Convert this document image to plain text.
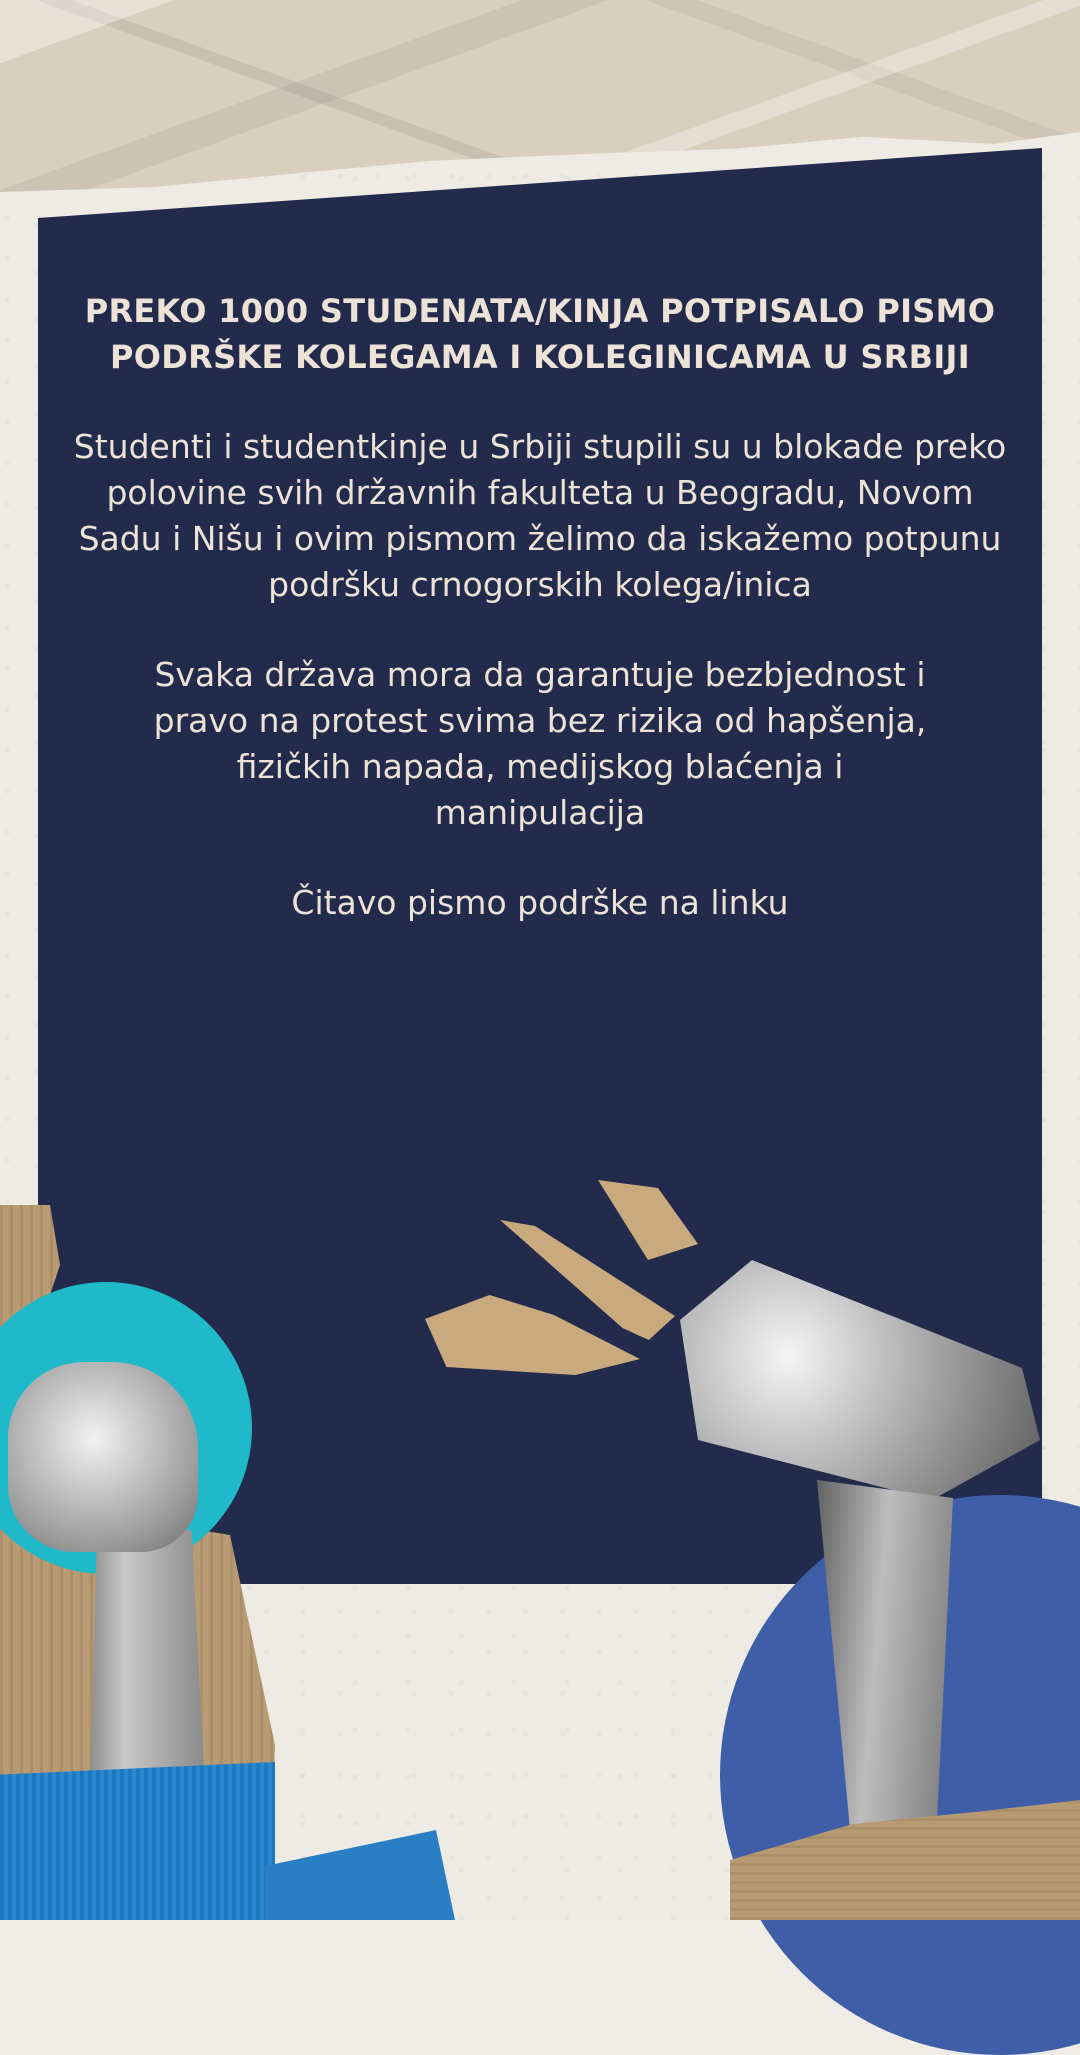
PREKO 1000 STUDENATA/KINJA POTPISALO PISMO PODRŠKE KOLEGAMA I KOLEGINICAMA U SRBIJI

Studenti i studentkinje u Srbiji stupili su u blokade preko polovine svih državnih fakulteta u Beogradu, Novom Sadu i Nišu i ovim pismom želimo da iskažemo potpunu podršku crnogorskih kolega/inica

Svaka država mora da garantuje bezbjednost i pravo na protest svima bez rizika od hapšenja, fizičkih napada, medijskog blaćenja i manipulacija

Čitavo pismo podrške na linku
